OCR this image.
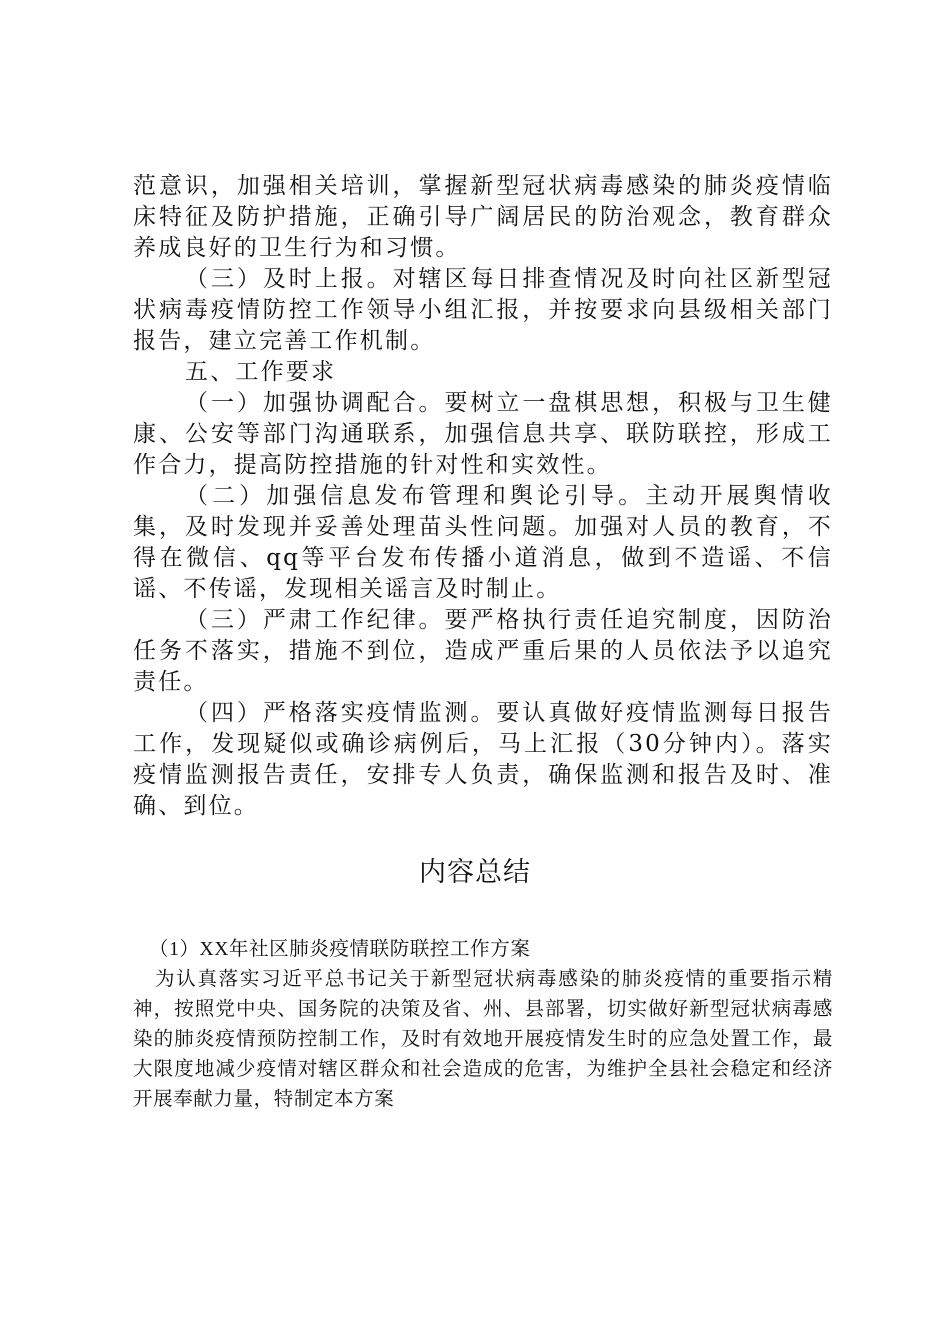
范意识，加强相关培训，掌握新型冠状病毒感染的肺炎疫情临床特征及防护措施，正确引导广阔居民的防治观念，教育群众养成良好的卫生行为和习惯。

（三）及时上报。对辖区每日排查情况及时向社区新型冠状病毒疫情防控工作领导小组汇报，并按要求向县级相关部门报告，建立完善工作机制。

五、工作要求

（一）加强协调配合。要树立一盘棋思想，积极与卫生健康、公安等部门沟通联系，加强信息共享、联防联控，形成工作合力，提高防控措施的针对性和实效性。

（二）加强信息发布管理和舆论引导。主动开展舆情收集，及时发现并妥善处理苗头性问题。加强对人员的教育，不得在微信、qq等平台发布传播小道消息，做到不造谣、不信谣、不传谣，发现相关谣言及时制止。

（三）严肃工作纪律。要严格执行责任追究制度，因防治任务不落实，措施不到位，造成严重后果的人员依法予以追究责任。

（四）严格落实疫情监测。要认真做好疫情监测每日报告工作，发现疑似或确诊病例后，马上汇报（30分钟内）。落实疫情监测报告责任，安排专人负责，确保监测和报告及时、准确、到位。

内容总结

（1）XX年社区肺炎疫情联防联控工作方案

为认真落实习近平总书记关于新型冠状病毒感染的肺炎疫情的重要指示精神，按照党中央、国务院的决策及省、州、县部署，切实做好新型冠状病毒感染的肺炎疫情预防控制工作，及时有效地开展疫情发生时的应急处置工作，最大限度地减少疫情对辖区群众和社会造成的危害，为维护全县社会稳定和经济开展奉献力量，特制定本方案
